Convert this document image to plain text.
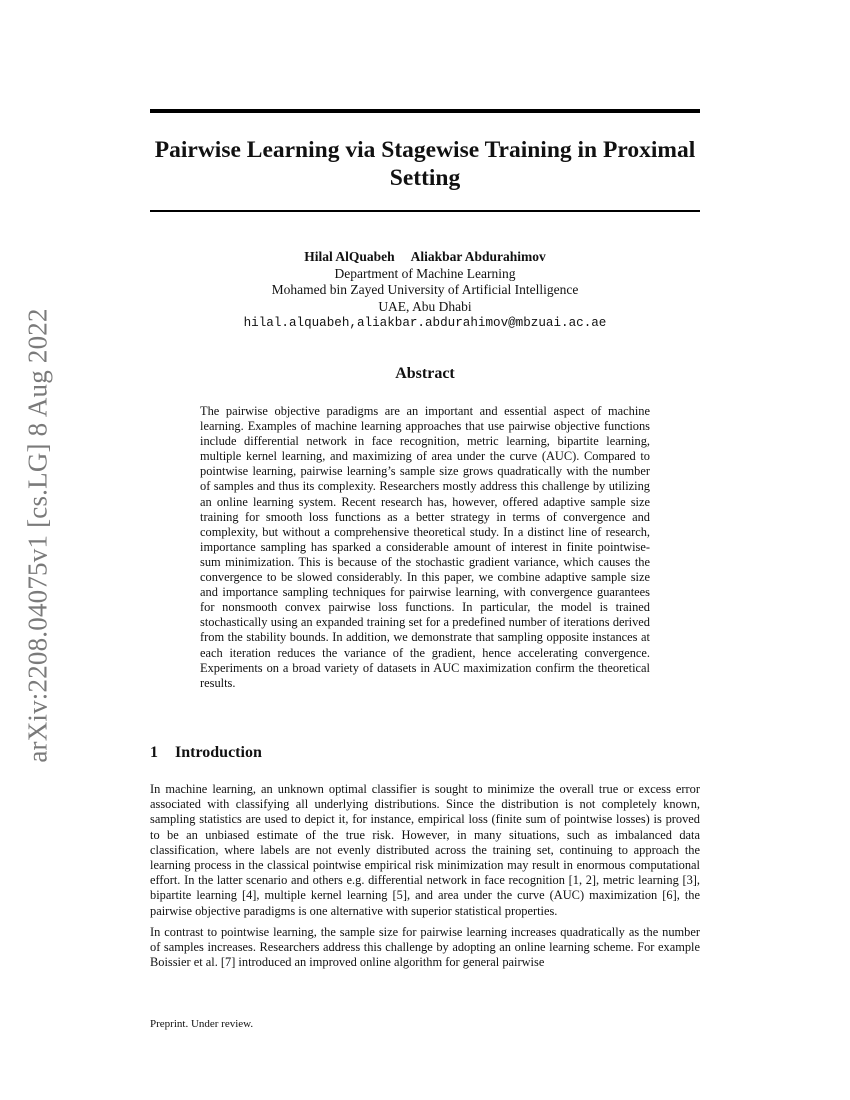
arXiv:2208.04075v1 [cs.LG] 8 Aug 2022
Pairwise Learning via Stagewise Training in Proximal
Setting
Hilal AlQuabeh Aliakbar Abdurahimov
Department of Machine Learning
Mohamed bin Zayed University of Artificial Intelligence
UAE, Abu Dhabi
hilal.alquabeh,aliakbar.abdurahimov@mbzuai.ac.ae
Abstract

The pairwise objective paradigms are an important and essential aspect of machine learning. Examples of machine learning approaches that use pairwise objective functions include differential network in face recognition, metric learning, bipartite learning, multiple kernel learning, and maximizing of area under the curve (AUC). Compared to pointwise learning, pairwise learning’s sample size grows quadratically with the number of samples and thus its complexity. Researchers mostly address this challenge by utilizing an online learning system. Recent research has, however, offered adaptive sample size training for smooth loss functions as a better strategy in terms of convergence and complexity, but without a comprehensive theoretical study. In a distinct line of research, importance sampling has sparked a considerable amount of interest in finite pointwise-sum minimization. This is because of the stochastic gradient variance, which causes the convergence to be slowed considerably. In this paper, we combine adaptive sample size and importance sampling techniques for pairwise learning, with convergence guarantees for nonsmooth convex pairwise loss functions. In particular, the model is trained stochastically using an expanded training set for a predefined number of iterations derived from the stability bounds. In addition, we demonstrate that sampling opposite instances at each iteration reduces the variance of the gradient, hence accelerating convergence. Experiments on a broad variety of datasets in AUC maximization confirm the theoretical results.

1 Introduction

In machine learning, an unknown optimal classifier is sought to minimize the overall true or excess error associated with classifying all underlying distributions. Since the distribution is not completely known, sampling statistics are used to depict it, for instance, empirical loss (finite sum of pointwise losses) is proved to be an unbiased estimate of the true risk. However, in many situations, such as imbalanced data classification, where labels are not evenly distributed across the training set, continuing to approach the learning process in the classical pointwise empirical risk minimization may result in enormous computational effort. In the latter scenario and others e.g. differential network in face recognition [1, 2], metric learning [3], bipartite learning [4], multiple kernel learning [5], and area under the curve (AUC) maximization [6], the pairwise objective paradigms is one alternative with superior statistical properties.

In contrast to pointwise learning, the sample size for pairwise learning increases quadratically as the number of samples increases. Researchers address this challenge by adopting an online learning scheme. For example Boissier et al. [7] introduced an improved online algorithm for general pairwise

Preprint. Under review.
